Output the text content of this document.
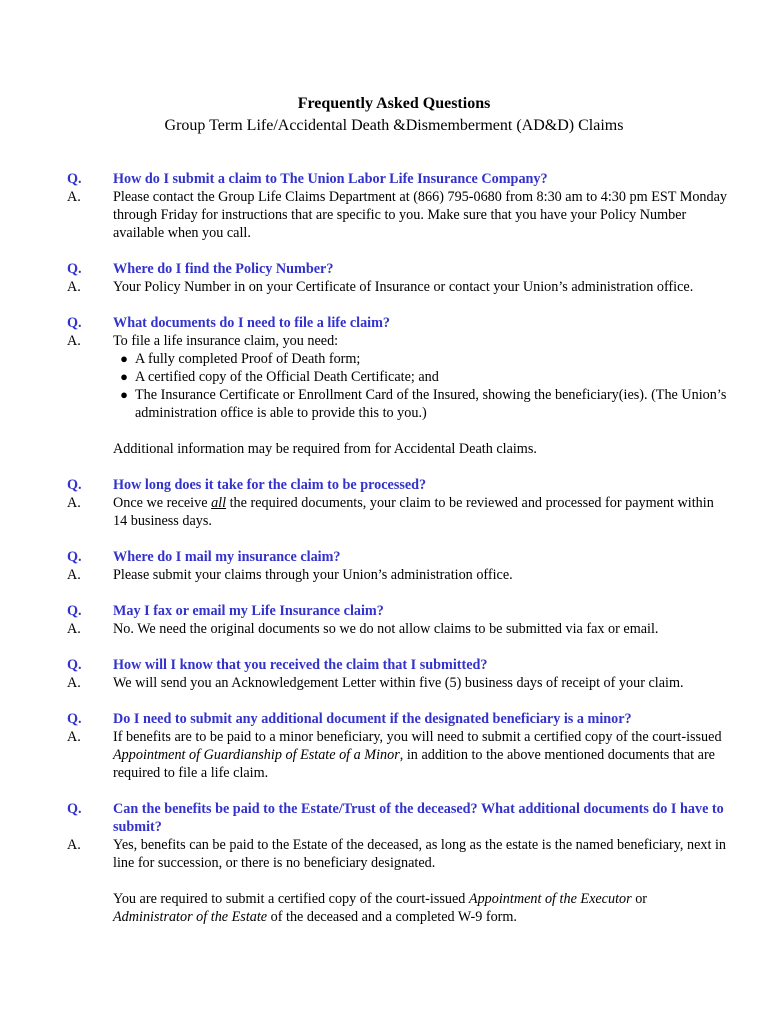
Frequently Asked Questions
Group Term Life/Accidental Death &Dismemberment (AD&D) Claims
Q.	How do I submit a claim to The Union Labor Life Insurance Company?
A.	Please contact the Group Life Claims Department at (866) 795-0680 from 8:30 am to 4:30 pm EST Monday through Friday for instructions that are specific to you. Make sure that you have your Policy Number available when you call.
Q.	Where do I find the Policy Number?
A.	Your Policy Number in on your Certificate of Insurance or contact your Union’s administration office.
Q.	What documents do I need to file a life claim?
A.	To file a life insurance claim, you need:
● A fully completed Proof of Death form;
● A certified copy of the Official Death Certificate; and
● The Insurance Certificate or Enrollment Card of the Insured, showing the beneficiary(ies). (The Union’s administration office is able to provide this to you.)
Additional information may be required from for Accidental Death claims.
Q.	How long does it take for the claim to be processed?
A.	Once we receive all the required documents, your claim to be reviewed and processed for payment within 14 business days.
Q.	Where do I mail my insurance claim?
A.	Please submit your claims through your Union’s administration office.
Q.	May I fax or email my Life Insurance claim?
A.	No. We need the original documents so we do not allow claims to be submitted via fax or email.
Q.	How will I know that you received the claim that I submitted?
A.	We will send you an Acknowledgement Letter within five (5) business days of receipt of your claim.
Q.	Do I need to submit any additional document if the designated beneficiary is a minor?
A.	If benefits are to be paid to a minor beneficiary, you will need to submit a certified copy of the court-issued Appointment of Guardianship of Estate of a Minor, in addition to the above mentioned documents that are required to file a life claim.
Q.	Can the benefits be paid to the Estate/Trust of the deceased? What additional documents do I have to submit?
A.	Yes, benefits can be paid to the Estate of the deceased, as long as the estate is the named beneficiary, next in line for succession, or there is no beneficiary designated.
You are required to submit a certified copy of the court-issued Appointment of the Executor or Administrator of the Estate of the deceased and a completed W-9 form.
